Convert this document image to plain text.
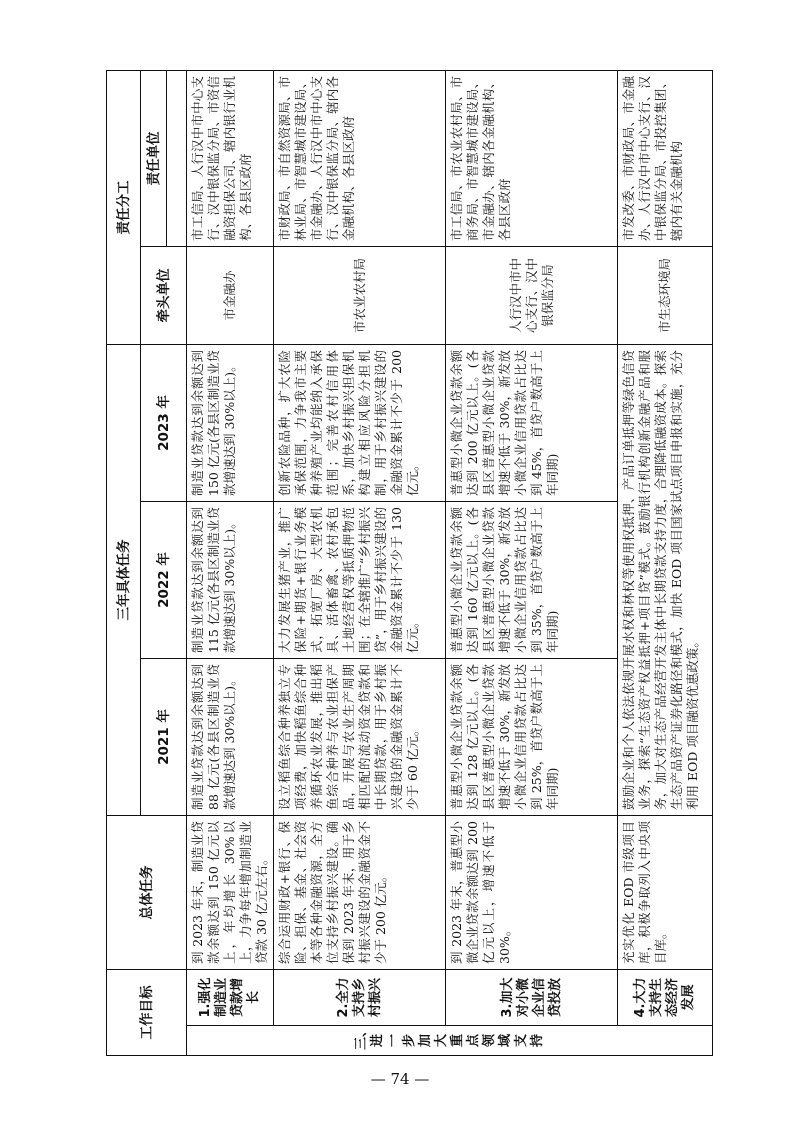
工作目标		总体任务	三年具体任务			责任分工	
			2021 年	2022 年	2023 年	牵头单位	责任单位

三、进一步加大重点领域支持	1.强化制造业贷款增长	到 2023 年末，制造业贷款余额达到 150 亿元以上，年均增长 30%以上，力争每年增加制造业贷款 30 亿元左右。	制造业贷款达到余额达到 88 亿元(各县区制造业贷款增速达到 30%以上)。	制造业贷款达到余额达到 115 亿元(各县区制造业贷款增速达到 30%以上)。	制造业贷款达到余额达到 150 亿元(各县区制造业贷款增速达到 30%以上)。	市金融办	市工信局、人行汉中市中心支行、汉中银保监分局、市资信融资担保公司、辖内银行业机构、各县区政府
	2.全力支持乡村振兴	综合运用财政+银行、保险、担保、基金、社会资本等各种金融资源，全方位支持乡村振兴建设。确保到 2023 年末，用于乡村振兴建设的金融资金不少于 200 亿元。	设立稻鱼综合种养独立专项经费，加快稻鱼综合种养循环农业发展，推出稻鱼综合种养与农业担保产品，开展与农业生产周期相匹配的流动资金贷款和中长期贷款，用于乡村振兴建设的金融资金累计不少于 60 亿元。	大力发展生猪产业，推广保险+期货+银行业务模式，拓宽厂房、大型农机具、活体畜禽、农村承包土地经营权等抵质押物范围；在全辖推广“乡村振兴贷”，用于乡村振兴建设的金融资金累计不少于 130 亿元。	创新农险品种，扩大农险承保范围，力争我市主要种养殖产业均能纳入承保范围；完善农村信用体系，加快乡村振兴担保机构建立相应风险分担机制，用于乡村振兴建设的金融资金累计不少于 200 亿元。	市农业农村局	市财政局、市自然资源局、市林业局、市智慧城市建设局、市金融办、人行汉中市中心支行、汉中银保监分局、辖内各金融机构、各县区政府
	3.加大对小微企业信贷投放	到 2023 年末，普惠型小微企业贷款余额达到 200 亿元以上，增速不低于 30%。	普惠型小微企业贷款余额达到 128 亿元以上。(各县区普惠型小微企业贷款增速不低于 30%，新发放小微企业信用贷款占比达到 25%，首贷户数高于上年同期)	普惠型小微企业贷款余额达到 160 亿元以上。(各县区普惠型小微企业贷款增速不低于 30%，新发放小微企业信用贷款占比达到 35%，首贷户数高于上年同期)	普惠型小微企业贷款余额达到 200 亿元以上。(各县区普惠型小微企业贷款增速不低于 30%，新发放小微企业信用贷款占比达到 45%，首贷户数高于上年同期)	人行汉中市中心支行、汉中银保监分局	市工信局、市农业农村局、市商务局、市智慧城市建设局、市金融办、辖内各金融机构、各县区政府
	4.大力支持生态经济发展	充实优化 EOD 市级项目库，积极争取列入中央项目库。	鼓励企业和个人依法依规开展水权和林权等使用权抵押、产品订单抵押等绿色信贷业务，探索“生态资产权益抵押+项目贷”模式。鼓励银行机构创新金融产品和服务，加大对生态产品经营开发主体中长期贷款支持力度，合理降低融资成本。探索生态产品资产证券化路径和模式，加快 EOD 项目国家试点项目申报和实施，充分利用 EOD 项目融资优惠政策。			市生态环境局	市发改委、市财政局、市金融办、人行汉中市中心支行、汉中银保监分局、市投控集团、辖内有关金融机构
— 74 —
